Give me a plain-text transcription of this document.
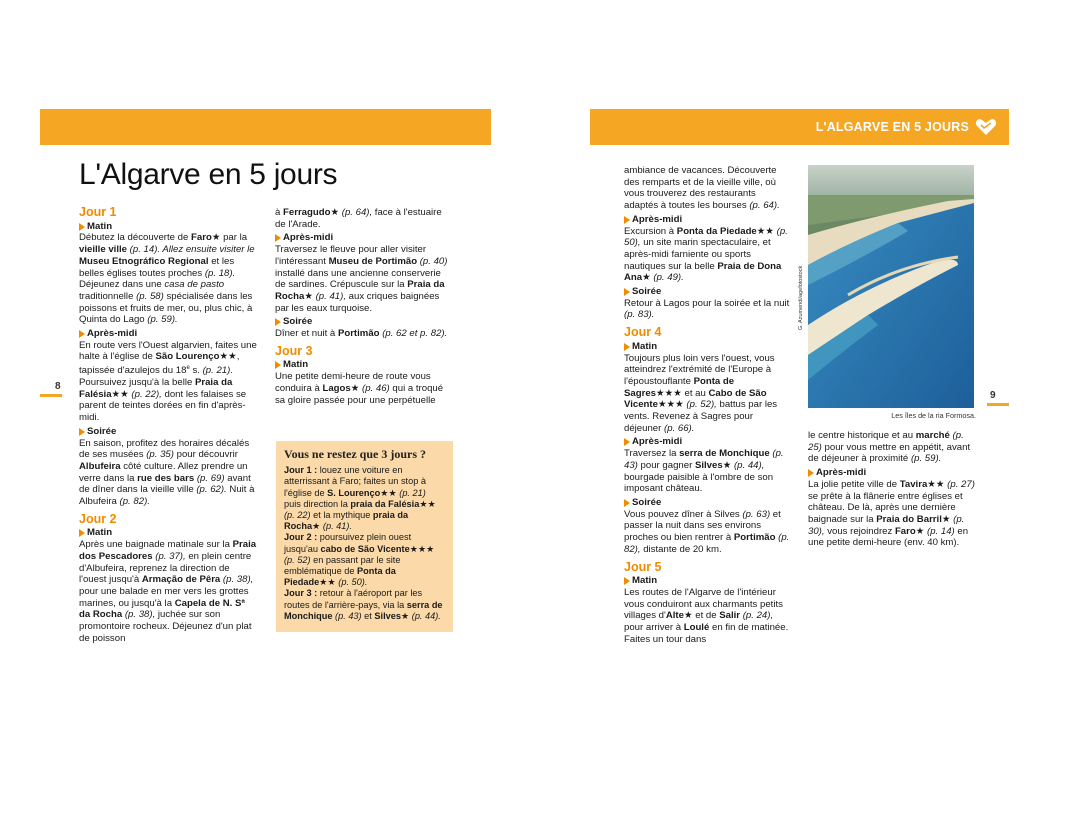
L'ALGARVE EN 5 JOURS
L'Algarve en 5 jours
8
9
Jour 1
Matin

Débutez la découverte de Faro★ par la vieille ville (p. 14). Allez ensuite visiter le Museu Etnográfico Regional et les belles églises toutes proches (p. 18). Déjeunez dans une casa de pasto traditionnelle (p. 58) spécialisée dans les poissons et fruits de mer, ou, plus chic, à Quinta do Lago (p. 59).

Après-midi

En route vers l'Ouest algarvien, faites une halte à l'église de São Lourenço★★, tapissée d'azulejos du 18e s. (p. 21). Poursuivez jusqu'à la belle Praia da Falésia★★ (p. 22), dont les falaises se parent de teintes dorées en fin d'après-midi.

Soirée

En saison, profitez des horaires décalés de ses musées (p. 35) pour découvrir Albufeira côté culture. Allez prendre un verre dans la rue des bars (p. 69) avant de dîner dans la vieille ville (p. 62). Nuit à Albufeira (p. 82).

Jour 2
Matin

Après une baignade matinale sur la Praia dos Pescadores (p. 37), en plein centre d'Albufeira, reprenez la direction de l'ouest jusqu'à Armação de Pêra (p. 38), pour une balade en mer vers les grottes marines, ou jusqu'à la Capela de N. Sª da Rocha (p. 38), juchée sur son promontoire rocheux. Déjeunez d'un plat de poisson

à Ferragudo★ (p. 64), face à l'estuaire de l'Arade.

Après-midi

Traversez le fleuve pour aller visiter l'intéressant Museu de Portimão (p. 40) installé dans une ancienne conserverie de sardines. Crépuscule sur la Praia da Rocha★ (p. 41), aux criques baignées par les eaux turquoise.

Soirée

Dîner et nuit à Portimão (p. 62 et p. 82).

Jour 3
Matin

Une petite demi-heure de route vous conduira à Lagos★ (p. 46) qui a troqué sa gloire passée pour une perpétuelle

Vous ne restez que 3 jours ?

Jour 1 : louez une voiture en atterrissant à Faro; faites un stop à l'église de S. Lourenço★★ (p. 21) puis direction la praia da Falésia★★ (p. 22) et la mythique praia da Rocha★ (p. 41).
Jour 2 : poursuivez plein ouest jusqu'au cabo de São Vicente★★★ (p. 52) en passant par le site emblématique de Ponta da Piedade★★ (p. 50).
Jour 3 : retour à l'aéroport par les routes de l'arrière-pays, via la serra de Monchique (p. 43) et Silves★ (p. 44).

ambiance de vacances. Découverte des remparts et de la vieille ville, où vous trouverez des restaurants adaptés à toutes les bourses (p. 64).

Après-midi

Excursion à Ponta da Piedade★★ (p. 50), un site marin spectaculaire, et après-midi farniente ou sports nautiques sur la belle Praia de Dona Ana★ (p. 49).

Soirée

Retour à Lagos pour la soirée et la nuit (p. 83).

Jour 4
Matin

Toujours plus loin vers l'ouest, vous atteindrez l'extrémité de l'Europe à l'époustouflante Ponta de Sagres★★★ et au Cabo de São Vicente★★★ (p. 52), battus par les vents. Revenez à Sagres pour déjeuner (p. 66).

Après-midi

Traversez la serra de Monchique (p. 43) pour gagner Silves★ (p. 44), bourgade paisible à l'ombre de son imposant château.

Soirée

Vous pouvez dîner à Silves (p. 63) et passer la nuit dans ses environs proches ou bien rentrer à Portimão (p. 82), distante de 20 km.

Jour 5
Matin

Les routes de l'Algarve de l'intérieur vous conduiront aux charmants petits villages d'Alte★ et de Salir (p. 24), pour arriver à Loulé en fin de matinée. Faites un tour dans

G. Azumendi/agefotostock
Les îles de la ria Formosa.

le centre historique et au marché (p. 25) pour vous mettre en appétit, avant de déjeuner à proximité (p. 59).

Après-midi

La jolie petite ville de Tavira★★ (p. 27) se prête à la flânerie entre églises et château. De là, après une dernière baignade sur la Praia do Barril★ (p. 30), vous rejoindrez Faro★ (p. 14) en une petite demi-heure (env. 40 km).
